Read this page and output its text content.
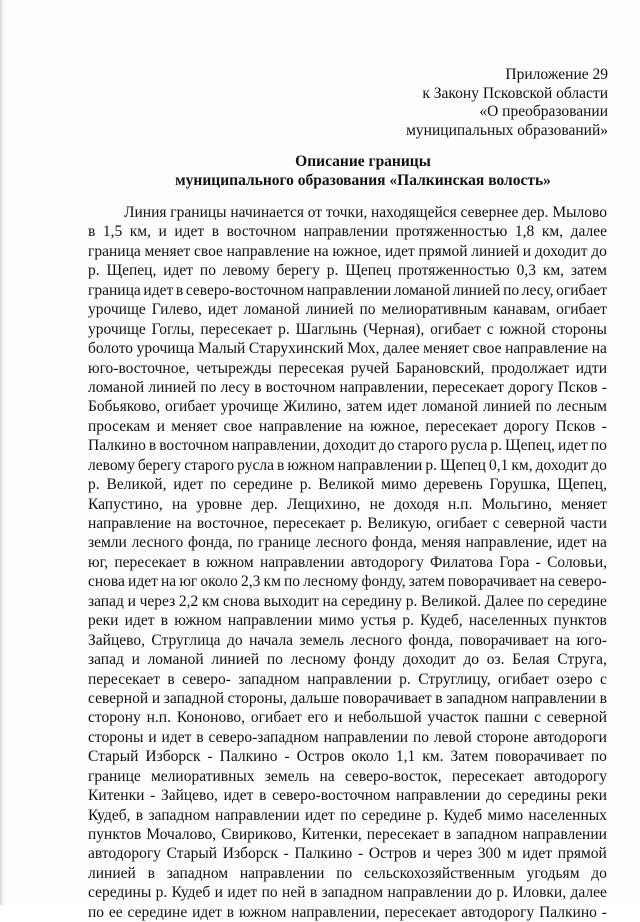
Приложение 29
к Закону Псковской области
«О преобразовании
муниципальных образований»
Описание границы
муниципального образования «Палкинская волость»
Линия границы начинается от точки, находящейся севернее дер. Мылово
в 1,5 км, и идет в восточном направлении протяженностью 1,8 км, далее
граница меняет свое направление на южное, идет прямой линией и доходит до
р. Щепец, идет по левому берегу р. Щепец протяженностью 0,3 км, затем
граница идет в северо-восточном направлении ломаной линией по лесу, огибает
урочище Гилево, идет ломаной линией по мелиоративным канавам, огибает
урочище Гоглы, пересекает р. Шаглынь (Черная), огибает с южной стороны
болото урочища Малый Старухинский Мох, далее меняет свое направление на
юго-восточное, четырежды пересекая ручей Барановский, продолжает идти
ломаной линией по лесу в восточном направлении, пересекает дорогу Псков -
Бобьяково, огибает урочище Жилино, затем идет ломаной линией по лесным
просекам и меняет свое направление на южное, пересекает дорогу Псков -
Палкино в восточном направлении, доходит до старого русла р. Щепец, идет по
левому берегу старого русла в южном направлении р. Щепец 0,1 км, доходит до
р. Великой, идет по середине р. Великой мимо деревень Горушка, Щепец,
Капустино, на уровне дер. Лещихино, не доходя н.п. Мольгино, меняет
направление на восточное, пересекает р. Великую, огибает с северной части
земли лесного фонда, по границе лесного фонда, меняя направление, идет на
юг, пересекает в южном направлении автодорогу Филатова Гора - Соловьи,
снова идет на юг около 2,3 км по лесному фонду, затем поворачивает на северо-
запад и через 2,2 км снова выходит на середину р. Великой. Далее по середине
реки идет в южном направлении мимо устья р. Кудеб, населенных пунктов
Зайцево, Струглица до начала земель лесного фонда, поворачивает на юго-
запад и ломаной линией по лесному фонду доходит до оз. Белая Струга,
пересекает в северо- западном направлении р. Струглицу, огибает озеро с
северной и западной стороны, дальше поворачивает в западном направлении в
сторону н.п. Кононово, огибает его и небольшой участок пашни с северной
стороны и идет в северо-западном направлении по левой стороне автодороги
Старый Изборск - Палкино - Остров около 1,1 км. Затем поворачивает по
границе мелиоративных земель на северо-восток, пересекает автодорогу
Китенки - Зайцево, идет в северо-восточном направлении до середины реки
Кудеб, в западном направлении идет по середине р. Кудеб мимо населенных
пунктов Мочалово, Свириково, Китенки, пересекает в западном направлении
автодорогу Старый Изборск - Палкино - Остров и через 300 м идет прямой
линией в западном направлении по сельскохозяйственным угодьям до
середины р. Кудеб и идет по ней в западном направлении до р. Иловки, далее
по ее середине идет в южном направлении, пересекает автодорогу Палкино -
